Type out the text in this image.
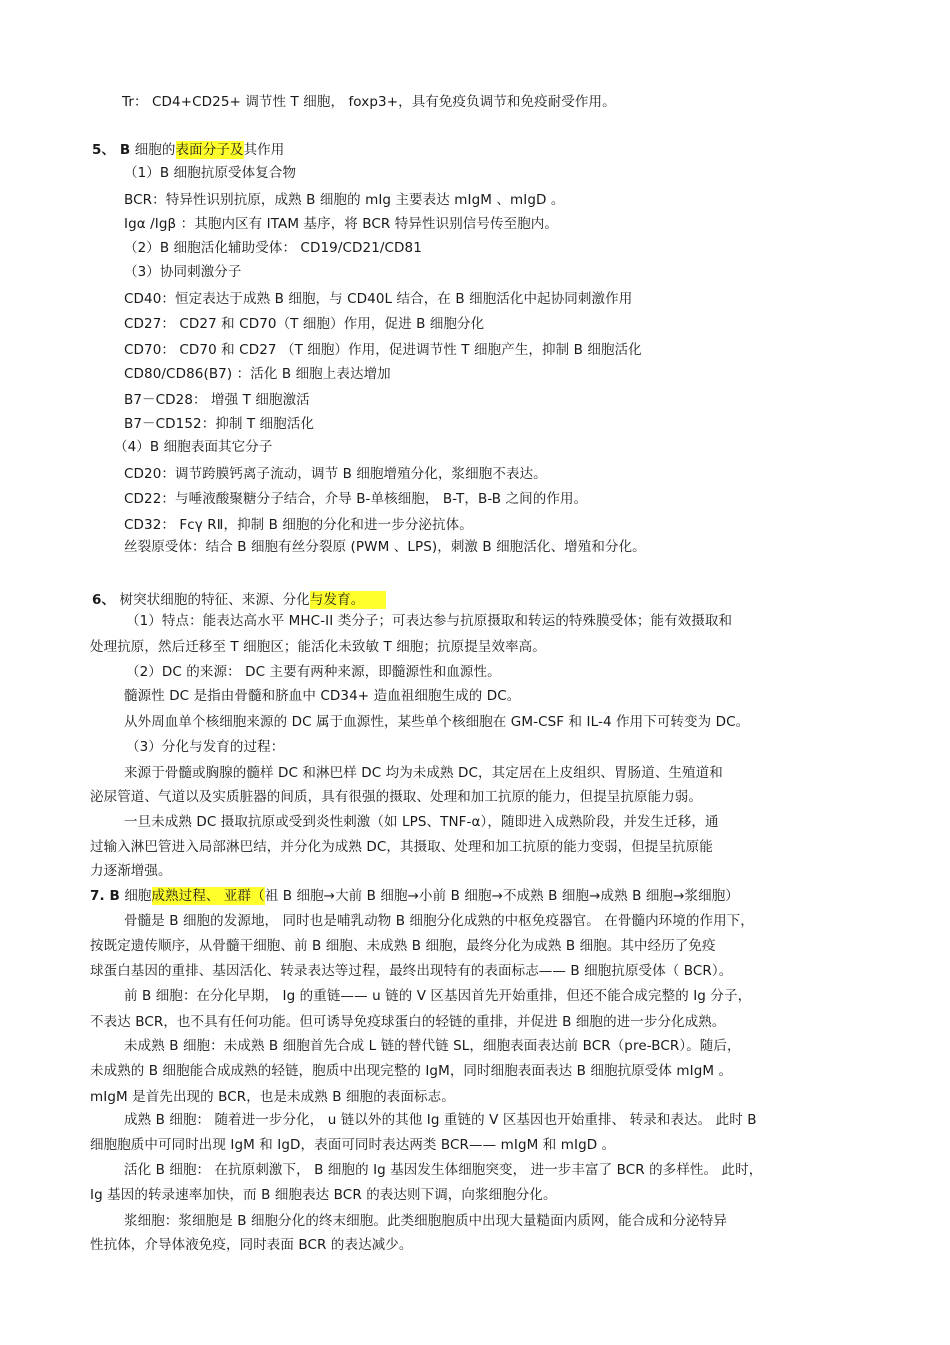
Tr： CD4+CD25+ 调节性 T 细胞， foxp3+，具有免疫负调节和免疫耐受作用。
5、 B 细胞的表面分子及其作用
（1）B 细胞抗原受体复合物
BCR：特异性识别抗原，成熟 B 细胞的 mIg 主要表达 mIgM 、mIgD 。
Igα /Igβ ：其胞内区有 ITAM 基序，将 BCR 特异性识别信号传至胞内。
（2）B 细胞活化辅助受体： CD19/CD21/CD81
（3）协同刺激分子
CD40：恒定表达于成熟 B 细胞，与 CD40L 结合，在 B 细胞活化中起协同刺激作用
CD27： CD27 和 CD70（T 细胞）作用，促进 B 细胞分化
CD70： CD70 和 CD27 （T 细胞）作用，促进调节性 T 细胞产生，抑制 B 细胞活化
CD80/CD86(B7) ：活化 B 细胞上表达增加
B7－CD28： 增强 T 细胞激活
B7－CD152：抑制 T 细胞活化
（4）B 细胞表面其它分子
CD20：调节跨膜钙离子流动，调节 B 细胞增殖分化，浆细胞不表达。
CD22：与唾液酸聚糖分子结合，介导 B-单核细胞， B-T，B-B 之间的作用。
CD32： Fcγ RⅡ，抑制 B 细胞的分化和进一步分泌抗体。
丝裂原受体：结合 B 细胞有丝分裂原 (PWM 、LPS)，刺激 B 细胞活化、增殖和分化。
6、 树突状细胞的特征、来源、分化与发育。
（1）特点：能表达高水平 MHC-II 类分子；可表达参与抗原摄取和转运的特殊膜受体；能有效摄取和
处理抗原，然后迁移至 T 细胞区；能活化未致敏 T 细胞；抗原提呈效率高。
（2）DC 的来源： DC 主要有两种来源，即髓源性和血源性。
髓源性 DC 是指由骨髓和脐血中 CD34+ 造血祖细胞生成的 DC。
从外周血单个核细胞来源的 DC 属于血源性，某些单个核细胞在 GM-CSF 和 IL-4 作用下可转变为 DC。
（3）分化与发育的过程：
来源于骨髓或胸腺的髓样 DC 和淋巴样 DC 均为未成熟 DC，其定居在上皮组织、胃肠道、生殖道和
泌尿管道、气道以及实质脏器的间质，具有很强的摄取、处理和加工抗原的能力，但提呈抗原能力弱。
一旦未成熟 DC 摄取抗原或受到炎性刺激（如 LPS、TNF-α），随即进入成熟阶段，并发生迁移，通
过输入淋巴管进入局部淋巴结，并分化为成熟 DC，其摄取、处理和加工抗原的能力变弱，但提呈抗原能
力逐渐增强。
7. B 细胞成熟过程、 亚群（祖 B 细胞→大前 B 细胞→小前 B 细胞→不成熟 B 细胞→成熟 B 细胞→浆细胞）
骨髓是 B 细胞的发源地， 同时也是哺乳动物 B 细胞分化成熟的中枢免疫器官。 在骨髓内环境的作用下，
按既定遗传顺序，从骨髓干细胞、前 B 细胞、未成熟 B 细胞，最终分化为成熟 B 细胞。其中经历了免疫
球蛋白基因的重排、基因活化、转录表达等过程，最终出现特有的表面标志—— B 细胞抗原受体（ BCR）。
前 B 细胞：在分化早期， Ig 的重链—— u 链的 V 区基因首先开始重排，但还不能合成完整的 Ig 分子，
不表达 BCR，也不具有任何功能。但可诱导免疫球蛋白的轻链的重排，并促进 B 细胞的进一步分化成熟。
未成熟 B 细胞：未成熟 B 细胞首先合成 L 链的替代链 SL，细胞表面表达前 BCR（pre-BCR）。随后，
未成熟的 B 细胞能合成成熟的轻链，胞质中出现完整的 IgM，同时细胞表面表达 B 细胞抗原受体 mIgM 。
mIgM 是首先出现的 BCR，也是未成熟 B 细胞的表面标志。
成熟 B 细胞： 随着进一步分化， u 链以外的其他 Ig 重链的 V 区基因也开始重排、 转录和表达。 此时 B
细胞胞质中可同时出现 IgM 和 IgD，表面可同时表达两类 BCR—— mIgM 和 mIgD 。
活化 B 细胞： 在抗原刺激下， B 细胞的 Ig 基因发生体细胞突变， 进一步丰富了 BCR 的多样性。 此时，
Ig 基因的转录速率加快，而 B 细胞表达 BCR 的表达则下调，向浆细胞分化。
浆细胞：浆细胞是 B 细胞分化的终末细胞。此类细胞胞质中出现大量糙面内质网，能合成和分泌特异
性抗体，介导体液免疫，同时表面 BCR 的表达减少。
